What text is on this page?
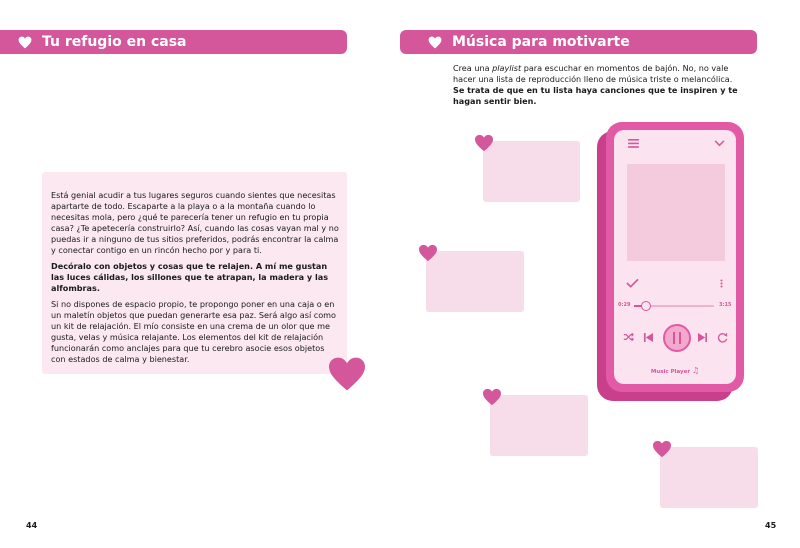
Tu refugio en casa

Está genial acudir a tus lugares seguros cuando sientes que necesitas apartarte de todo. Escaparte a la playa o a la montaña cuando lo necesitas mola, pero ¿qué te parecería tener un refugio en tu propia casa? ¿Te apetecería construirlo? Así, cuando las cosas vayan mal y no puedas ir a ninguno de tus sitios preferidos, podrás encontrar la calma y conectar contigo en un rincón hecho por y para ti.

Decóralo con objetos y cosas que te relajen. A mí me gustan las luces cálidas, los sillones que te atrapan, la madera y las alfombras.

Si no dispones de espacio propio, te propongo poner en una caja o en un maletín objetos que puedan generarte esa paz. Será algo así como un kit de relajación. El mío consiste en una crema de un olor que me gusta, velas y música relajante. Los elementos del kit de relajación funcionarán como anclajes para que tu cerebro asocie esos objetos con estados de calma y bienestar.

44
Música para motivarte
Crea una playlist para escuchar en momentos de bajón. No, no vale hacer una lista de reproducción lleno de música triste o melancólica. Se trata de que en tu lista haya canciones que te inspiren y te hagan sentir bien.
0:29	3:15
Music Player ♫
45
